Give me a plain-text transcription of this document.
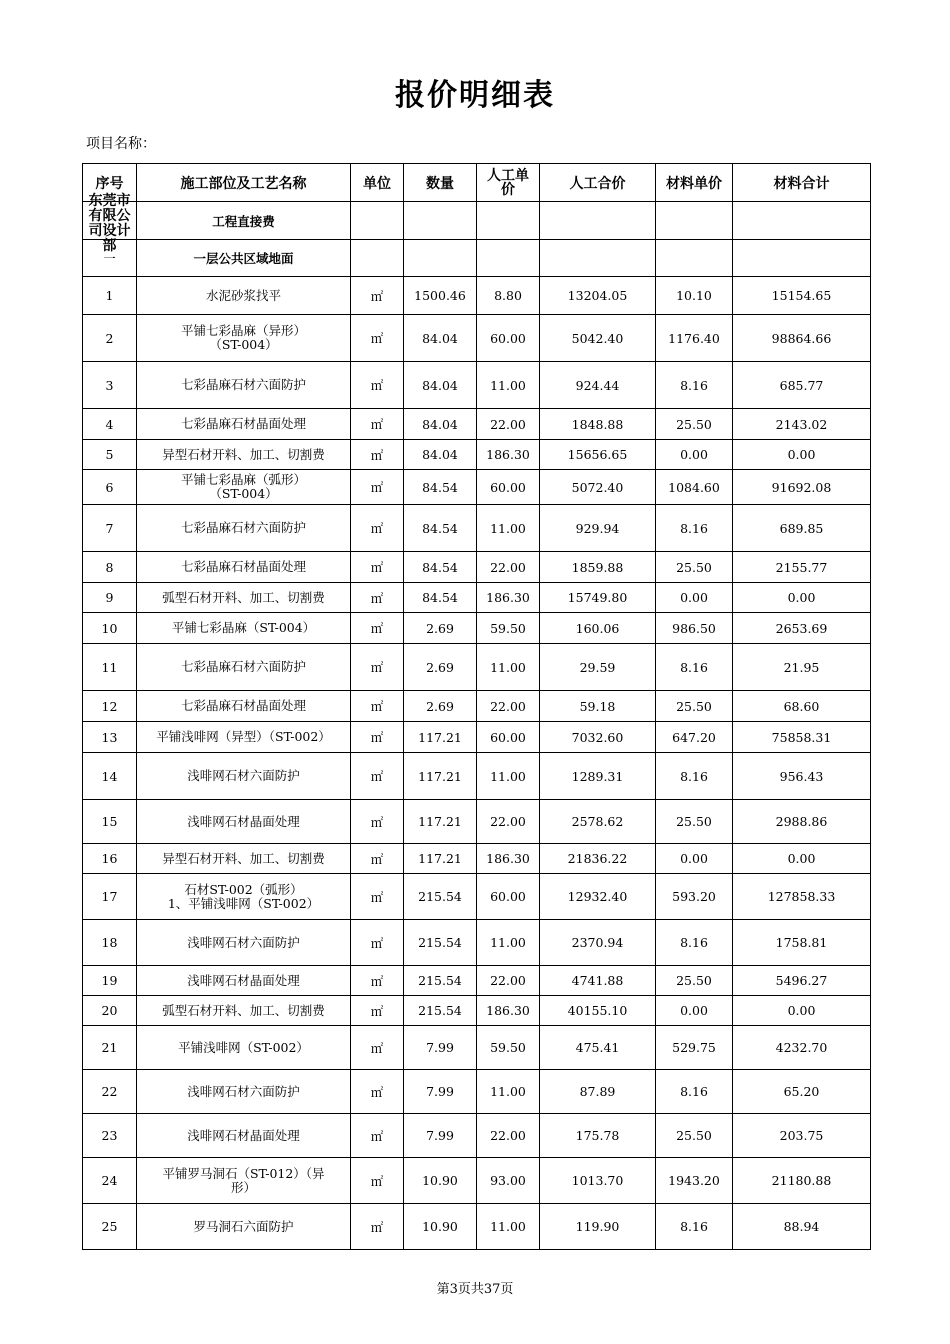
报价明细表
项目名称：
序号	施工部位及工艺名称	单位	数量	人工单
价	人工合价	材料单价	材料合计

东莞市有限公司设计部	工程直接费						
一	一层公共区域地面						
1	水泥砂浆找平	㎡	1500.46	8.80	13204.05	10.10	15154.65
2	平铺七彩晶麻（异形）
（ST-004）	㎡	84.04	60.00	5042.40	1176.40	98864.66
3	七彩晶麻石材六面防护	㎡	84.04	11.00	924.44	8.16	685.77
4	七彩晶麻石材晶面处理	㎡	84.04	22.00	1848.88	25.50	2143.02
5	异型石材开料、加工、切割费	㎡	84.04	186.30	15656.65	0.00	0.00
6	平铺七彩晶麻（弧形）
（ST-004）	㎡	84.54	60.00	5072.40	1084.60	91692.08
7	七彩晶麻石材六面防护	㎡	84.54	11.00	929.94	8.16	689.85
8	七彩晶麻石材晶面处理	㎡	84.54	22.00	1859.88	25.50	2155.77
9	弧型石材开料、加工、切割费	㎡	84.54	186.30	15749.80	0.00	0.00
10	平铺七彩晶麻（ST-004）	㎡	2.69	59.50	160.06	986.50	2653.69
11	七彩晶麻石材六面防护	㎡	2.69	11.00	29.59	8.16	21.95
12	七彩晶麻石材晶面处理	㎡	2.69	22.00	59.18	25.50	68.60
13	平铺浅啡网（异型）（ST-002）	㎡	117.21	60.00	7032.60	647.20	75858.31
14	浅啡网石材六面防护	㎡	117.21	11.00	1289.31	8.16	956.43
15	浅啡网石材晶面处理	㎡	117.21	22.00	2578.62	25.50	2988.86
16	异型石材开料、加工、切割费	㎡	117.21	186.30	21836.22	0.00	0.00
17	石材ST-002（弧形）
1、平铺浅啡网（ST-002）	㎡	215.54	60.00	12932.40	593.20	127858.33
18	浅啡网石材六面防护	㎡	215.54	11.00	2370.94	8.16	1758.81
19	浅啡网石材晶面处理	㎡	215.54	22.00	4741.88	25.50	5496.27
20	弧型石材开料、加工、切割费	㎡	215.54	186.30	40155.10	0.00	0.00
21	平铺浅啡网（ST-002）	㎡	7.99	59.50	475.41	529.75	4232.70
22	浅啡网石材六面防护	㎡	7.99	11.00	87.89	8.16	65.20
23	浅啡网石材晶面处理	㎡	7.99	22.00	175.78	25.50	203.75
24	平铺罗马洞石（ST-012）（异
形）	㎡	10.90	93.00	1013.70	1943.20	21180.88
25	罗马洞石六面防护	㎡	10.90	11.00	119.90	8.16	88.94
第3页共37页
